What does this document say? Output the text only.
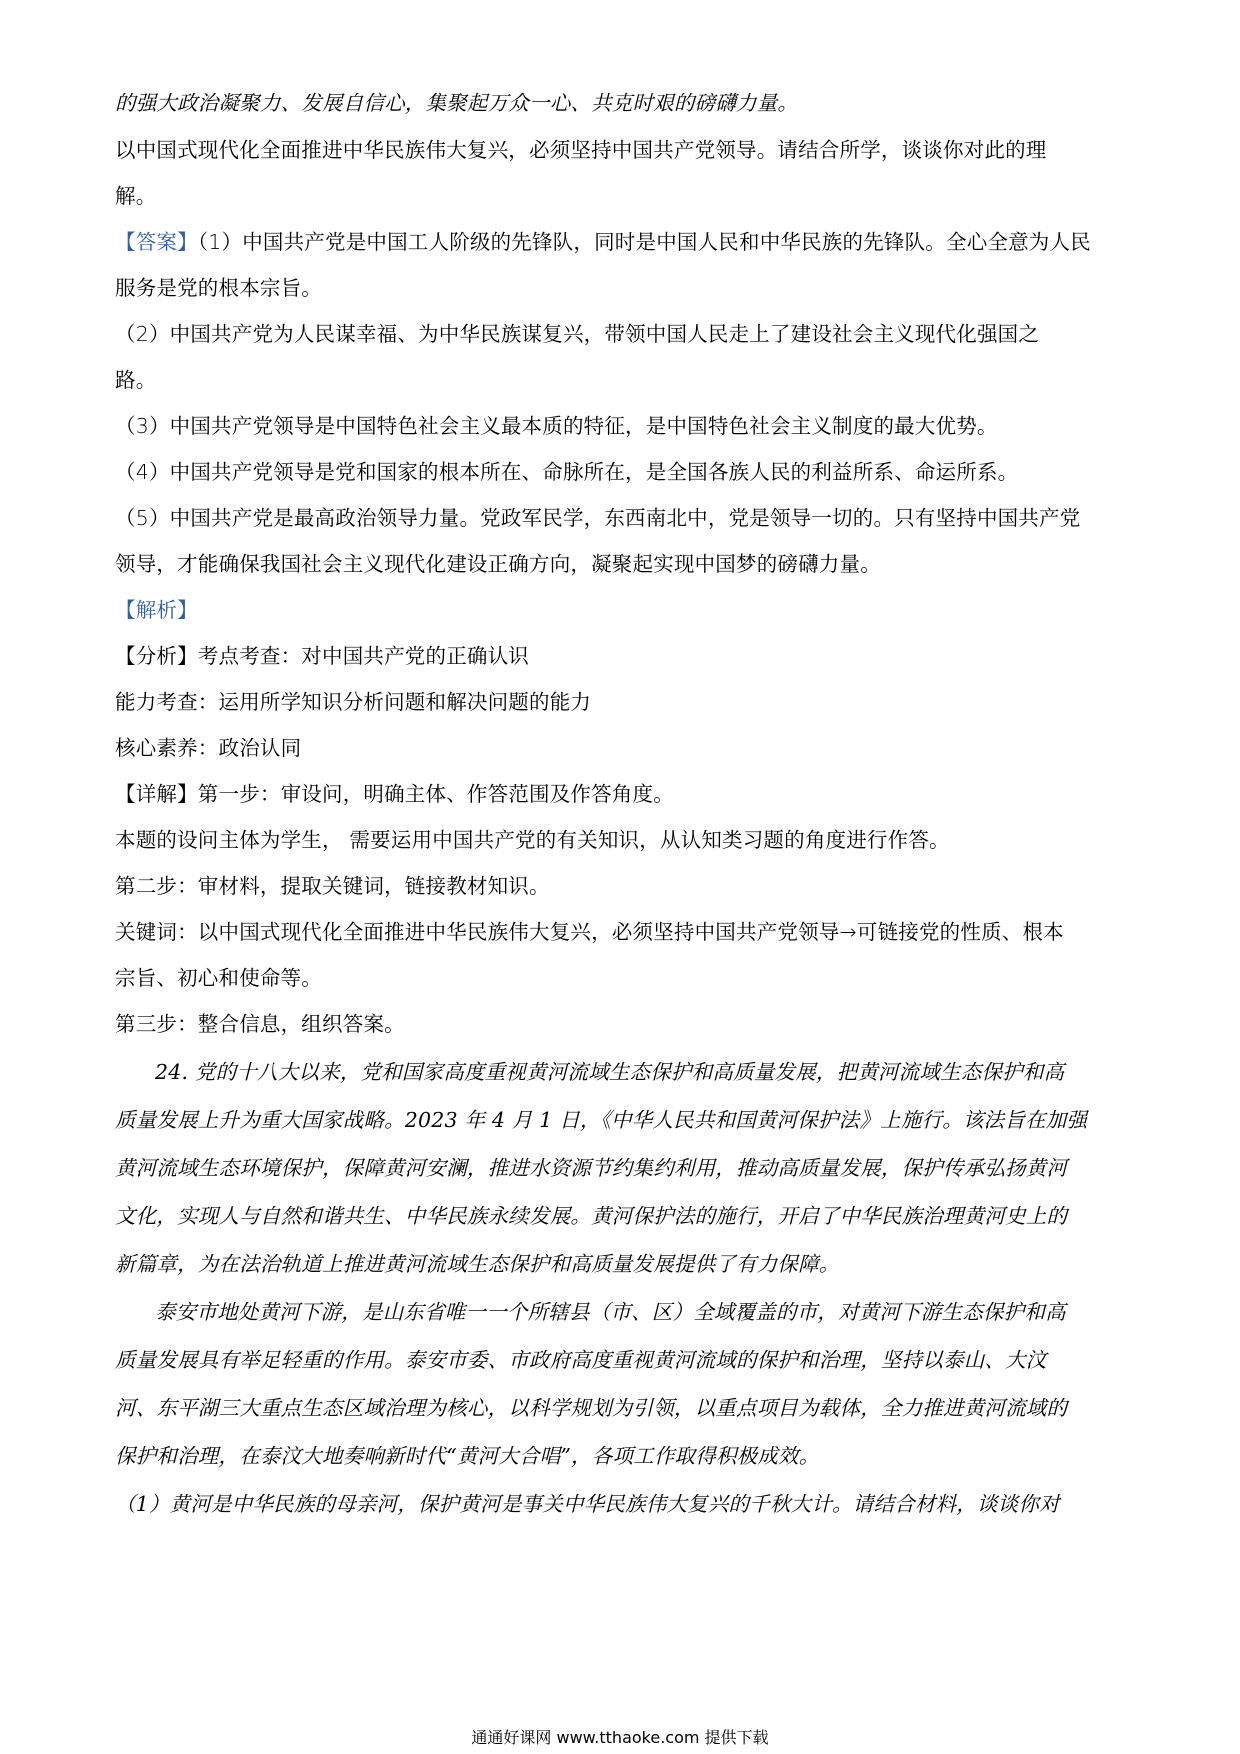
的强大政治凝聚力、发展自信心，集聚起万众一心、共克时艰的磅礴力量。
以中国式现代化全面推进中华民族伟大复兴，必须坚持中国共产党领导。请结合所学，谈谈你对此的理
解。
【答案】（1）中国共产党是中国工人阶级的先锋队，同时是中国人民和中华民族的先锋队。全心全意为人民
服务是党的根本宗旨。
（2）中国共产党为人民谋幸福、为中华民族谋复兴，带领中国人民走上了建设社会主义现代化强国之
路。
（3）中国共产党领导是中国特色社会主义最本质的特征，是中国特色社会主义制度的最大优势。
（4）中国共产党领导是党和国家的根本所在、命脉所在，是全国各族人民的利益所系、命运所系。
（5）中国共产党是最高政治领导力量。党政军民学，东西南北中，党是领导一切的。只有坚持中国共产党
领导，才能确保我国社会主义现代化建设正确方向，凝聚起实现中国梦的磅礴力量。
【解析】
【分析】考点考查：对中国共产党的正确认识
能力考查：运用所学知识分析问题和解决问题的能力
核心素养：政治认同
【详解】第一步：审设问，明确主体、作答范围及作答角度。
本题的设问主体为学生， 需要运用中国共产党的有关知识，从认知类习题的角度进行作答。
第二步：审材料，提取关键词，链接教材知识。
关键词：以中国式现代化全面推进中华民族伟大复兴，必须坚持中国共产党领导→可链接党的性质、根本
宗旨、初心和使命等。
第三步：整合信息，组织答案。
24. 党的十八大以来，党和国家高度重视黄河流域生态保护和高质量发展，把黄河流域生态保护和高
质量发展上升为重大国家战略。2023 年 4 月 1 日，《中华人民共和国黄河保护法》上施行。该法旨在加强
黄河流域生态环境保护，保障黄河安澜，推进水资源节约集约利用，推动高质量发展，保护传承弘扬黄河
文化，实现人与自然和谐共生、中华民族永续发展。黄河保护法的施行，开启了中华民族治理黄河史上的
新篇章，为在法治轨道上推进黄河流域生态保护和高质量发展提供了有力保障。
泰安市地处黄河下游，是山东省唯一一个所辖县（市、区）全域覆盖的市，对黄河下游生态保护和高
质量发展具有举足轻重的作用。泰安市委、市政府高度重视黄河流域的保护和治理，坚持以泰山、大汶
河、东平湖三大重点生态区域治理为核心，以科学规划为引领，以重点项目为载体，全力推进黄河流域的
保护和治理，在泰汶大地奏响新时代“黄河大合唱”，各项工作取得积极成效。
（1）黄河是中华民族的母亲河，保护黄河是事关中华民族伟大复兴的千秋大计。请结合材料，谈谈你对
通通好课网 www.tthaoke.com 提供下载
